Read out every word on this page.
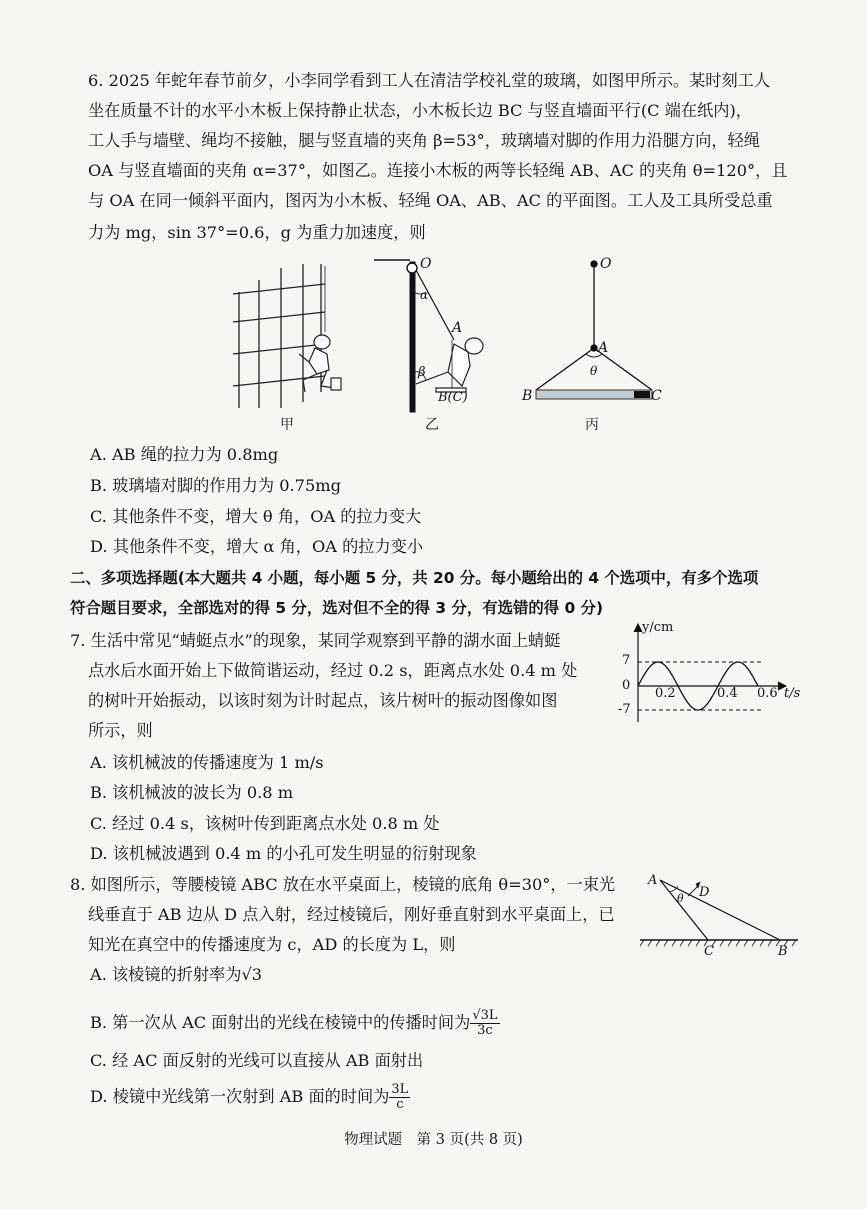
6. 2025 年蛇年春节前夕，小李同学看到工人在清洁学校礼堂的玻璃，如图甲所示。某时刻工人
坐在质量不计的水平小木板上保持静止状态，小木板长边 BC 与竖直墙面平行(C 端在纸内)，
工人手与墙壁、绳均不接触，腿与竖直墙的夹角 β=53°，玻璃墙对脚的作用力沿腿方向，轻绳
OA 与竖直墙面的夹角 α=37°，如图乙。连接小木板的两等长轻绳 AB、AC 的夹角 θ=120°，且
与 OA 在同一倾斜平面内，图丙为小木板、轻绳 OA、AB、AC 的平面图。工人及工具所受总重
力为 mg，sin 37°=0.6，g 为重力加速度，则
甲
O
α
A
β
B(C)
乙
O
A
θ
B	C
丙
A. AB 绳的拉力为 0.8mg
B. 玻璃墙对脚的作用力为 0.75mg
C. 其他条件不变，增大 θ 角，OA 的拉力变大
D. 其他条件不变，增大 α 角，OA 的拉力变小
二、多项选择题(本大题共 4 小题，每小题 5 分，共 20 分。每小题给出的 4 个选项中，有多个选项
符合题目要求，全部选对的得 5 分，选对但不全的得 3 分，有选错的得 0 分)
7. 生活中常见“蜻蜓点水”的现象，某同学观察到平静的湖水面上蜻蜓
点水后水面开始上下做简谐运动，经过 0.2 s，距离点水处 0.4 m 处
的树叶开始振动，以该时刻为计时起点，该片树叶的振动图像如图
所示，则
y/cm
7
0
-7
0.2	0.4 0.6 t/s
A. 该机械波的传播速度为 1 m/s
B. 该机械波的波长为 0.8 m
C. 经过 0.4 s，该树叶传到距离点水处 0.8 m 处
D. 该机械波遇到 0.4 m 的小孔可发生明显的衍射现象
8. 如图所示，等腰棱镜 ABC 放在水平桌面上，棱镜的底角 θ=30°，一束光
线垂直于 AB 边从 D 点入射，经过棱镜后，刚好垂直射到水平桌面上，已
知光在真空中的传播速度为 c，AD 的长度为 L，则
A
D
θ
C	B
A. 该棱镜的折射率为√3
B. 第一次从 AC 面射出的光线在棱镜中的传播时间为 $\frac{√3L}{3c}$
C. 经 AC 面反射的光线可以直接从 AB 面射出
D. 棱镜中光线第一次射到 AB 面的时间为 $\frac{3L}{c}$
物理试题　第 3 页(共 8 页)
